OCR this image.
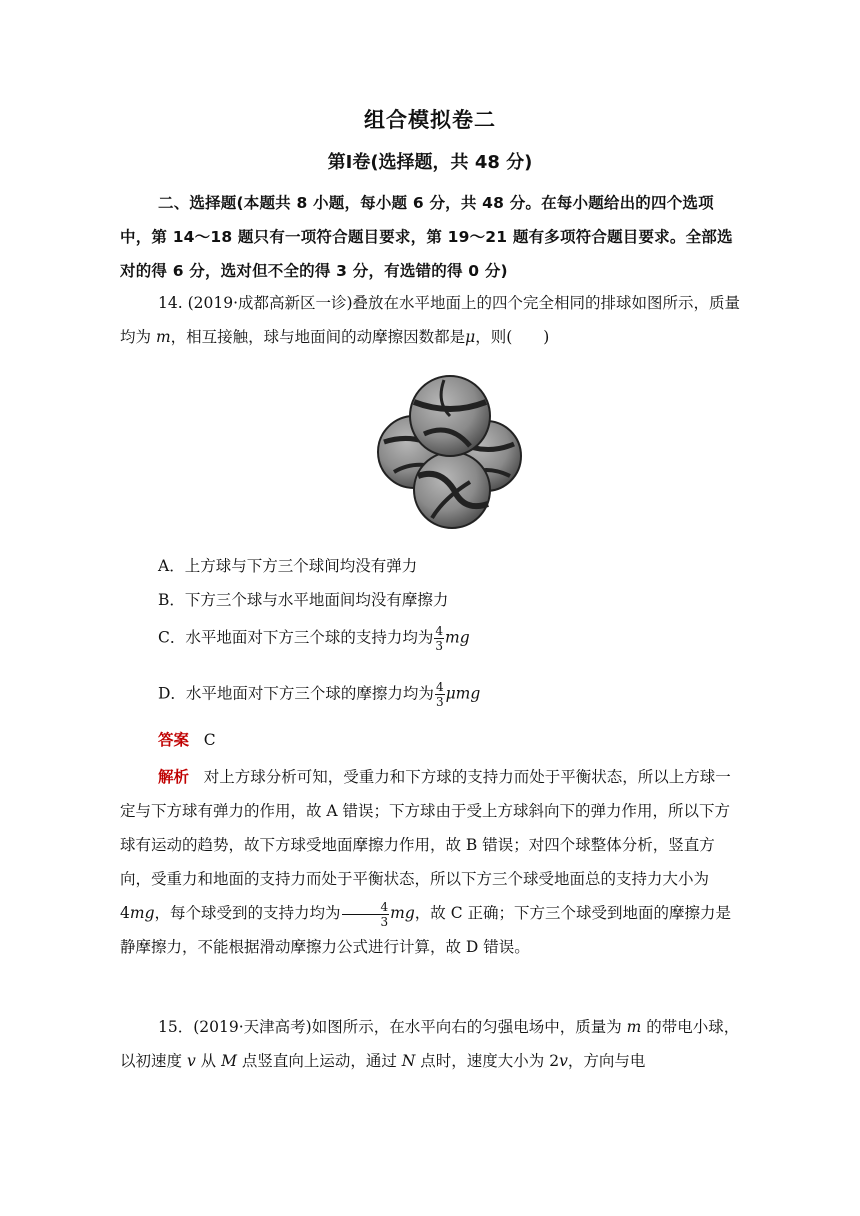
组合模拟卷二
第Ⅰ卷(选择题，共 48 分)
二、选择题(本题共 8 小题，每小题 6 分，共 48 分。在每小题给出的四个选项中，第 14～18 题只有一项符合题目要求，第 19～21 题有多项符合题目要求。全部选对的得 6 分，选对但不全的得 3 分，有选错的得 0 分)
14. (2019·成都高新区一诊)叠放在水平地面上的四个完全相同的排球如图所示，质量均为 m，相互接触，球与地面间的动摩擦因数都是μ，则(　　)
A．上方球与下方三个球间均没有弹力
B．下方三个球与水平地面间均没有摩擦力
C．水平地面对下方三个球的支持力均为 $\frac{4}{3}$ mg
D．水平地面对下方三个球的摩擦力均为 $\frac{4}{3}$ μmg
答案 C
解析 对上方球分析可知，受重力和下方球的支持力而处于平衡状态，所以上方球一定与下方球有弹力的作用，故 A 错误；下方球由于受上方球斜向下的弹力作用，所以下方球有运动的趋势，故下方球受地面摩擦力作用，故 B 错误；对四个球整体分析，竖直方向，受重力和地面的支持力而处于平衡状态，所以下方三个球受地面总的支持力大小为 4mg，每个球受到的支持力均为 $\frac{4}{3}$ mg，故 C 正确；下方三个球受到地面的摩擦力是静摩擦力，不能根据滑动摩擦力公式进行计算，故 D 错误。
15．(2019·天津高考)如图所示，在水平向右的匀强电场中，质量为 m 的带电小球，以初速度 v 从 M 点竖直向上运动，通过 N 点时，速度大小为 2v，方向与电
